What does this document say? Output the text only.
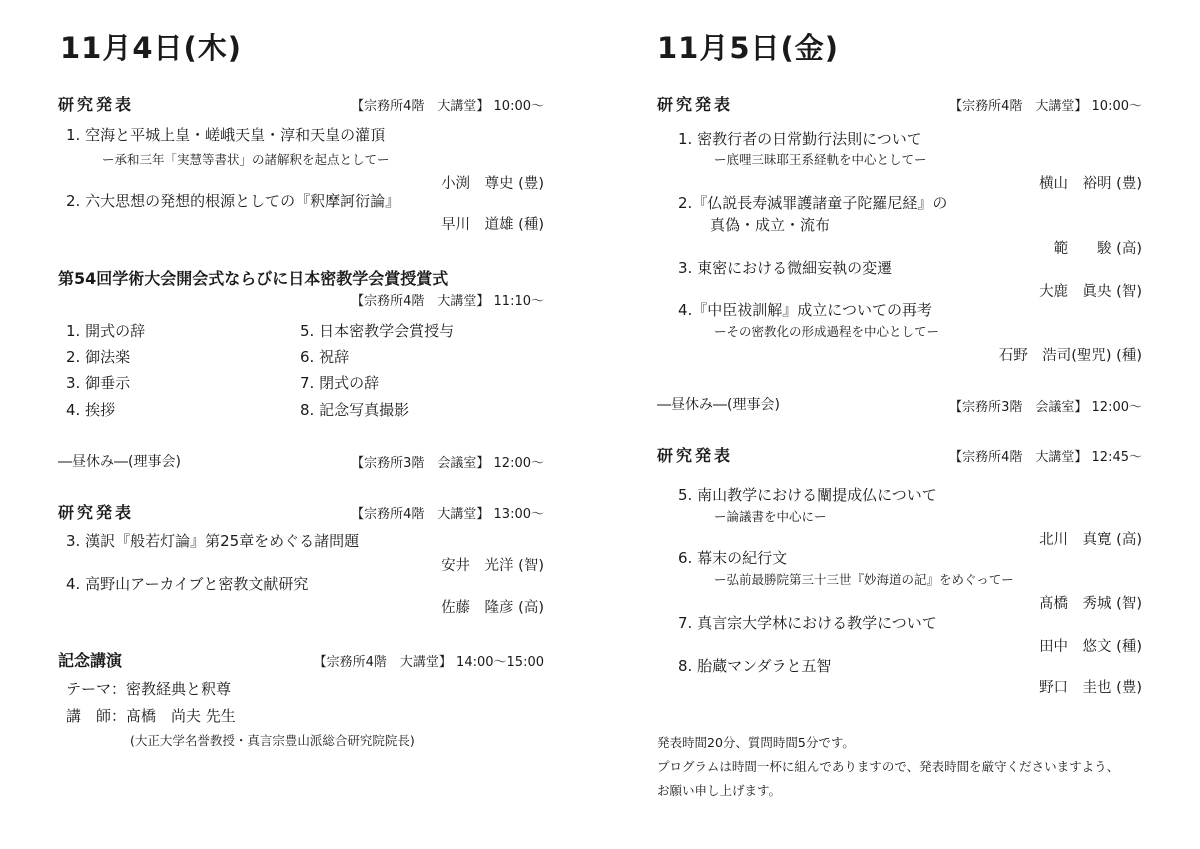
11月4日(木)
研究発表	【宗務所4階　大講堂】 10:00〜
1. 空海と平城上皇・嵯峨天皇・淳和天皇の灌頂
ー承和三年「実慧等書状」の諸解釈を起点としてー
小渕　尊史 (豊)
2. 六大思想の発想的根源としての『釈摩訶衍論』
早川　道雄 (種)
第54回学術大会開会式ならびに日本密教学会賞授賞式
【宗務所4階　大講堂】 11:10〜
1. 開式の辞
2. 御法楽
3. 御垂示
4. 挨拶
5. 日本密教学会賞授与
6. 祝辞
7. 閉式の辞
8. 記念写真撮影
―昼休み―(理事会)	【宗務所3階　会議室】 12:00〜
研究発表	【宗務所4階　大講堂】 13:00〜
3. 漢訳『般若灯論』第25章をめぐる諸問題
安井　光洋 (智)
4. 高野山アーカイブと密教文献研究
佐藤　隆彦 (高)
記念講演	【宗務所4階　大講堂】 14:00〜15:00
テーマ：密教経典と釈尊
講　師：髙橋　尚夫 先生
(大正大学名誉教授・真言宗豊山派総合研究院院長)
11月5日(金)
研究発表	【宗務所4階　大講堂】 10:00〜
1. 密教行者の日常勤行法則について
ー底哩三昧耶王系経軌を中心としてー
横山　裕明 (豊)
2.『仏説長寿滅罪護諸童子陀羅尼経』の
真偽・成立・流布
範　　駿 (高)
3. 東密における微細妄執の変遷
大鹿　眞央 (智)
4.『中臣祓訓解』成立についての再考
ーその密教化の形成過程を中心としてー
石野　浩司(聖咒) (種)
―昼休み―(理事会)	【宗務所3階　会議室】 12:00〜
研究発表	【宗務所4階　大講堂】 12:45〜
5. 南山教学における闡提成仏について
ー論議書を中心にー
北川　真寛 (高)
6. 幕末の紀行文
ー弘前最勝院第三十三世『妙海道の記』をめぐってー
髙橋　秀城 (智)
7. 真言宗大学林における教学について
田中　悠文 (種)
8. 胎蔵マンダラと五智
野口　圭也 (豊)
発表時間20分、質問時間5分です。
プログラムは時間一杯に組んでありますので、発表時間を厳守くださいますよう、
お願い申し上げます。
